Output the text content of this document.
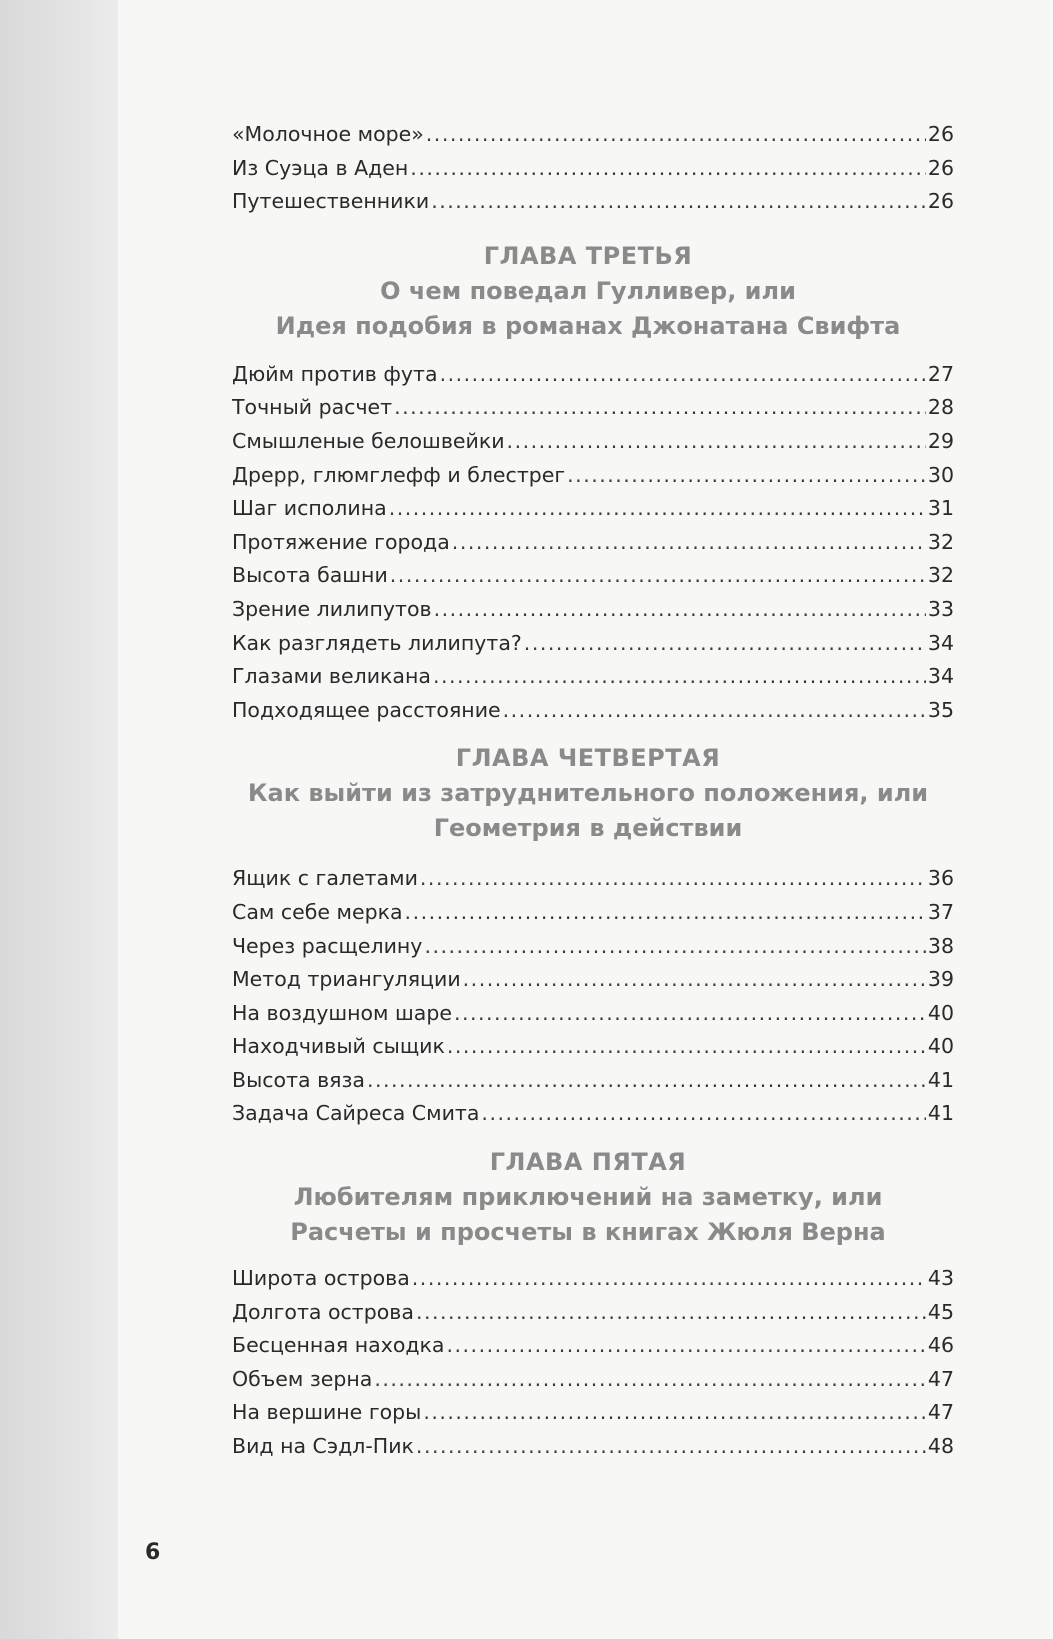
«Молочное море» .....	26
Из Суэца в Аден .....	26
Путешественники .....	26
ГЛАВА ТРЕТЬЯ
О чем поведал Гулливер, или
Идея подобия в романах Джонатана Свифта
Дюйм против фута .....	27
Точный расчет .....	28
Смышленые белошвейки .....	29
Дрерр, глюмглефф и блестрег .....	30
Шаг исполина .....	31
Протяжение города .....	32
Высота башни .....	32
Зрение лилипутов .....	33
Как разглядеть лилипута? .....	34
Глазами великана .....	34
Подходящее расстояние .....	35
ГЛАВА ЧЕТВЕРТАЯ
Как выйти из затруднительного положения, или
Геометрия в действии
Ящик с галетами .....	36
Сам себе мерка .....	37
Через расщелину .....	38
Метод триангуляции .....	39
На воздушном шаре .....	40
Находчивый сыщик .....	40
Высота вяза .....	41
Задача Сайреса Смита .....	41
ГЛАВА ПЯТАЯ
Любителям приключений на заметку, или
Расчеты и просчеты в книгах Жюля Верна
Широта острова .....	43
Долгота острова .....	45
Бесценная находка .....	46
Объем зерна .....	47
На вершине горы .....	47
Вид на Сэдл-Пик .....	48
6
